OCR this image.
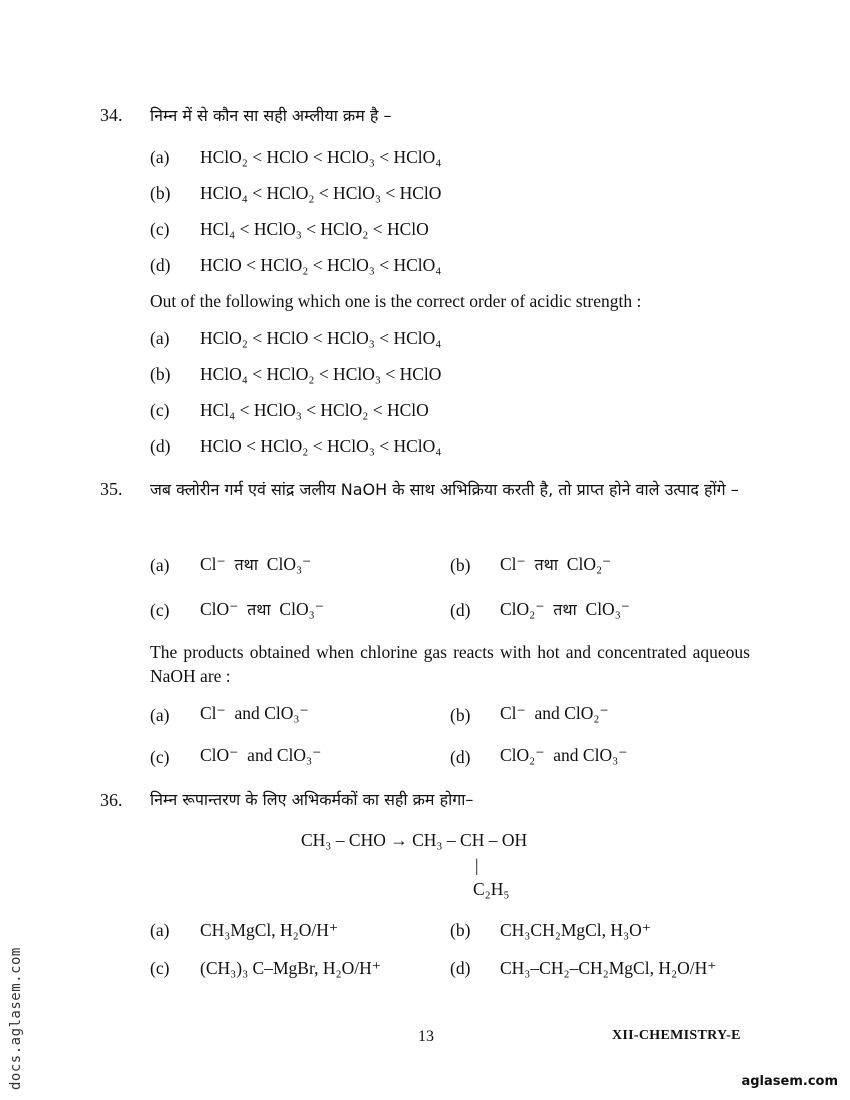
34. निम्न में से कौन सा सही अम्लीया क्रम है –
(a) HClO₂ < HClO < HClO₃ < HClO₄
(b) HClO₄ < HClO₂ < HClO₃ < HClO
(c) HCl₄ < HClO₃ < HClO₂ < HClO
(d) HClO < HClO₂ < HClO₃ < HClO₄
Out of the following which one is the correct order of acidic strength :
(a) HClO₂ < HClO < HClO₃ < HClO₄
(b) HClO₄ < HClO₂ < HClO₃ < HClO
(c) HCl₄ < HClO₃ < HClO₂ < HClO
(d) HClO < HClO₂ < HClO₃ < HClO₄
35. जब क्लोरीन गर्म एवं सांद्र जलीय NaOH के साथ अभिक्रिया करती है, तो प्राप्त होने वाले उत्पाद होंगे –
(a) Cl⁻ तथा ClO₃⁻	(b) Cl⁻ तथा ClO₂⁻
(c) ClO⁻ तथा ClO₃⁻	(d) ClO₂⁻ तथा ClO₃⁻
The products obtained when chlorine gas reacts with hot and concentrated aqueous NaOH are :
(a) Cl⁻ and ClO₃⁻	(b) Cl⁻ and ClO₂⁻
(c) ClO⁻ and ClO₃⁻	(d) ClO₂⁻ and ClO₃⁻
36. निम्न रूपान्तरण के लिए अभिकर्मकों का सही क्रम होगा–
CH₃ – CHO → CH₃ – CH – OH
|
C₂H₅
(a) CH₃MgCl, H₂O/H⁺	(b) CH₃CH₂MgCl, H₃O⁺
(c) (CH₃)₃ C–MgBr, H₂O/H⁺	(d) CH₃–CH₂–CH₂MgCl, H₂O/H⁺
13	XII-CHEMISTRY-E
docs.aglasem.com	aglasem.com
